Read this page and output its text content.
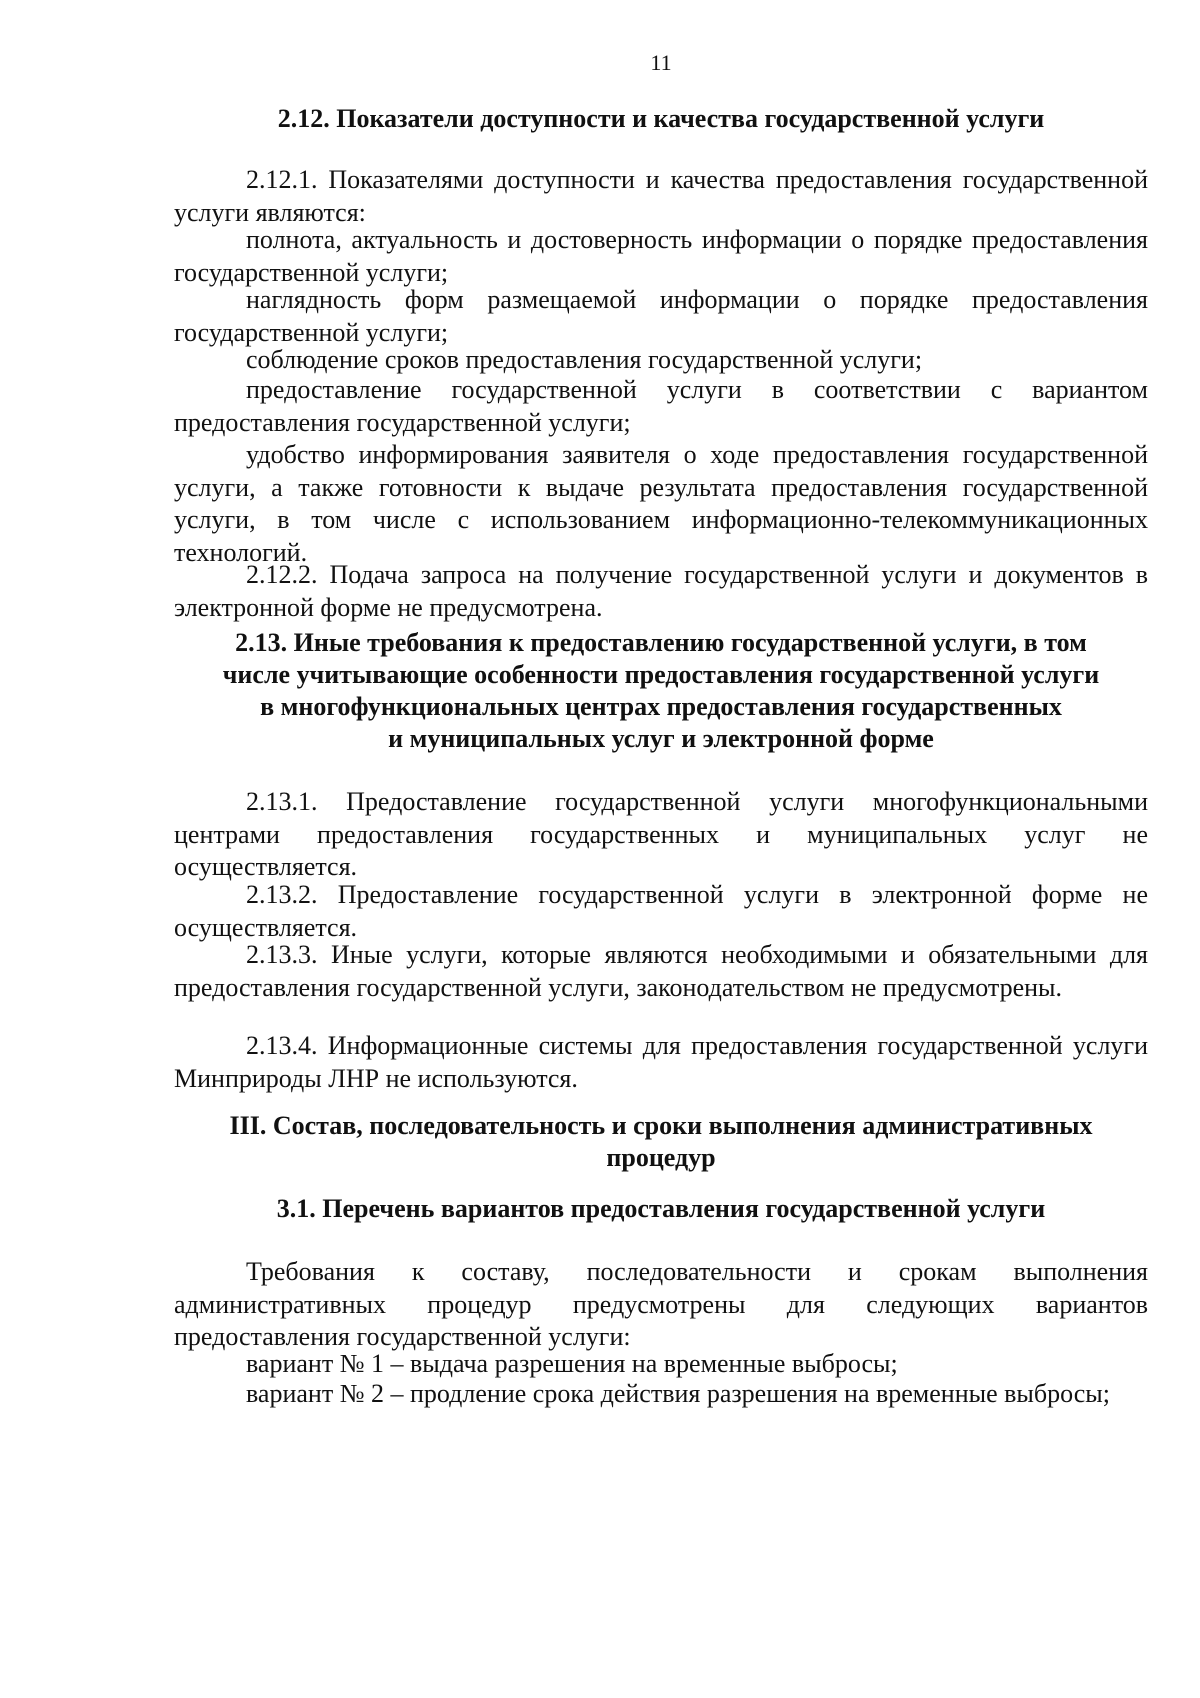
11
2.12. Показатели доступности и качества государственной услуги

2.12.1. Показателями доступности и качества предоставления государственной услуги являются:

полнота, актуальность и достоверность информации о порядке предоставления государственной услуги;

наглядность форм размещаемой информации о порядке предоставления государственной услуги;

соблюдение сроков предоставления государственной услуги;

предоставление государственной услуги в соответствии с вариантом предоставления государственной услуги;

удобство информирования заявителя о ходе предоставления государственной услуги, а также готовности к выдаче результата предоставления государственной услуги, в том числе с использованием информационно-телекоммуникационных технологий.

2.12.2. Подача запроса на получение государственной услуги и документов в электронной форме не предусмотрена.

2.13. Иные требования к предоставлению государственной услуги, в том
числе учитывающие особенности предоставления государственной услуги
в многофункциональных центрах предоставления государственных
и муниципальных услуг и электронной форме

2.13.1. Предоставление государственной услуги многофункциональными центрами предоставления государственных и муниципальных услуг не осуществляется.

2.13.2. Предоставление государственной услуги в электронной форме не осуществляется.

2.13.3. Иные услуги, которые являются необходимыми и обязательными для предоставления государственной услуги, законодательством не предусмотрены.

2.13.4. Информационные системы для предоставления государственной услуги Минприроды ЛНР не используются.

III. Состав, последовательность и сроки выполнения административных
процедур
3.1. Перечень вариантов предоставления государственной услуги

Требования к составу, последовательности и срокам выполнения административных процедур предусмотрены для следующих вариантов предоставления государственной услуги:

вариант № 1 – выдача разрешения на временные выбросы;

вариант № 2 – продление срока действия разрешения на временные выбросы;
